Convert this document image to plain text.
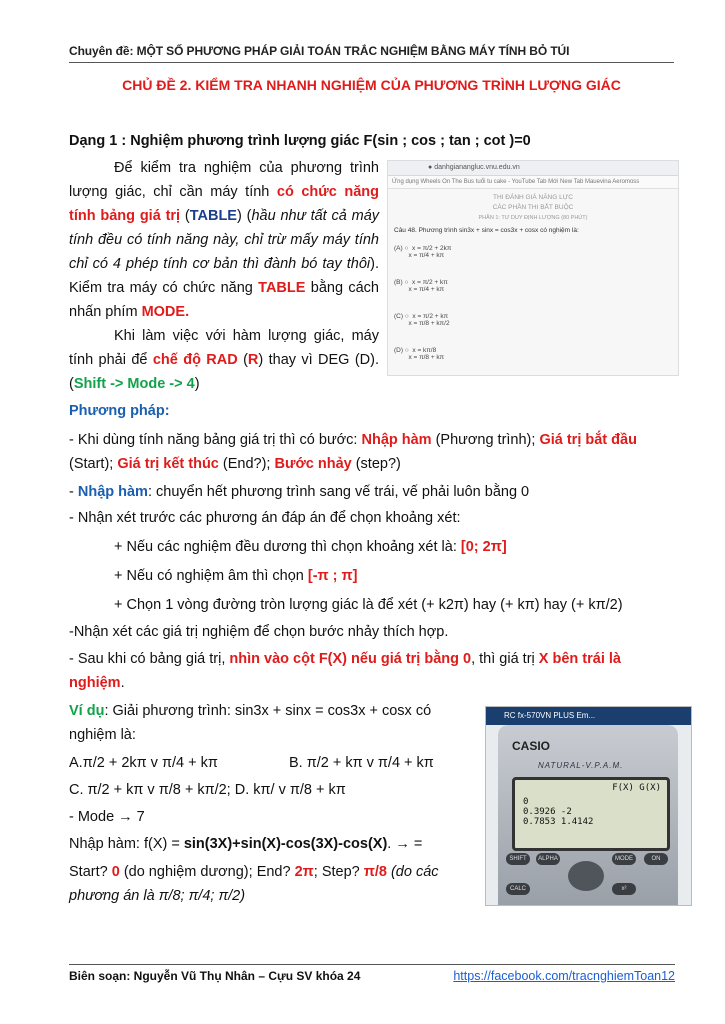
Chuyên đề: MỘT SỐ PHƯƠNG PHÁP GIẢI TOÁN TRẮC NGHIỆM BẰNG MÁY TÍNH BỎ TÚI
CHỦ ĐỀ 2. KIỂM TRA NHANH NGHIỆM CỦA PHƯƠNG TRÌNH LƯỢNG GIÁC
Dạng 1 : Nghiệm phương trình lượng giác F(sin ; cos ; tan ; cot )=0
Để kiểm tra nghiệm của phương trình lượng giác, chỉ cần máy tính có chức năng tính bảng giá trị (TABLE) (hầu như tất cả máy tính đều có tính năng này, chỉ trừ mấy máy tính chỉ có 4 phép tính cơ bản thì đành bó tay thôi). Kiểm tra máy có chức năng TABLE bằng cách nhấn phím MODE.
Khi làm việc với hàm lượng giác, máy tính phải để chế độ RAD (R) thay vì DEG (D). (Shift -> Mode -> 4)
● danhgianangluc.vnu.edu.vn
Ứng dụng Wheels On The Bus tuổi tu cake - YouTube Tab Mới New Tab Mauevina Aeromoss
THI ĐÁNH GIÁ NĂNG LỰC
CÁC PHẦN THI BẮT BUỘC
PHẦN 1: TƯ DUY ĐỊNH LƯỢNG (80 PHÚT)
Câu 48. Phương trình sin3x + sinx = cos3x + cosx có nghiệm là:
(A) ○  x = π/2 + 2kπ
x = π/4 + kπ
(B) ○  x = π/2 + kπ
x = π/4 + kπ
(C) ○  x = π/2 + kπ
x = π/8 + kπ/2
(D) ○  x = kπ/8
x = π/8 + kπ
Phương pháp:
- Khi dùng tính năng bảng giá trị thì có bước: Nhập hàm (Phương trình); Giá trị bắt đầu (Start); Giá trị kết thúc (End?); Bước nhảy (step?)
- Nhập hàm: chuyển hết phương trình sang vế trái, vế phải luôn bằng 0
- Nhận xét trước các phương án đáp án để chọn khoảng xét:
+ Nếu các nghiệm đều dương thì chọn khoảng xét là: [0; 2π]
+ Nếu có nghiệm âm thì chọn [-π ; π]
+ Chọn 1 vòng đường tròn lượng giác là để xét (+ k2π) hay (+ kπ) hay (+ kπ/2)
-Nhận xét các giá trị nghiệm để chọn bước nhảy thích hợp.
- Sau khi có bảng giá trị, nhìn vào cột F(X) nếu giá trị bằng 0, thì giá trị X bên trái là nghiệm.
Ví dụ: Giải phương trình: sin3x + sinx = cos3x + cosx có nghiệm là:
A.π/2 + 2kπ v π/4 + kπ	B. π/2 + kπ v π/4 + kπ
C. π/2 + kπ v π/8 + kπ/2; D. kπ/ v π/8 + kπ
- Mode → 7
Nhập hàm: f(X) = sin(3X)+sin(X)-cos(3X)-cos(X). → =
Start? 0 (do nghiệm dương); End? 2π; Step? π/8 (do các phương án là π/8; π/4; π/2)
RC fx-570VN PLUS Em...
CASIO
NATURAL-V.P.A.M.
F(X) G(X)
0
0.3926 -2
0.7853 1.4142
SHIFT	ALPHA	MODE	ON
CALC	x²
Biên soạn: Nguyễn Vũ Thụ Nhân – Cựu SV khóa 24	https://facebook.com/tracnghiemToan12
